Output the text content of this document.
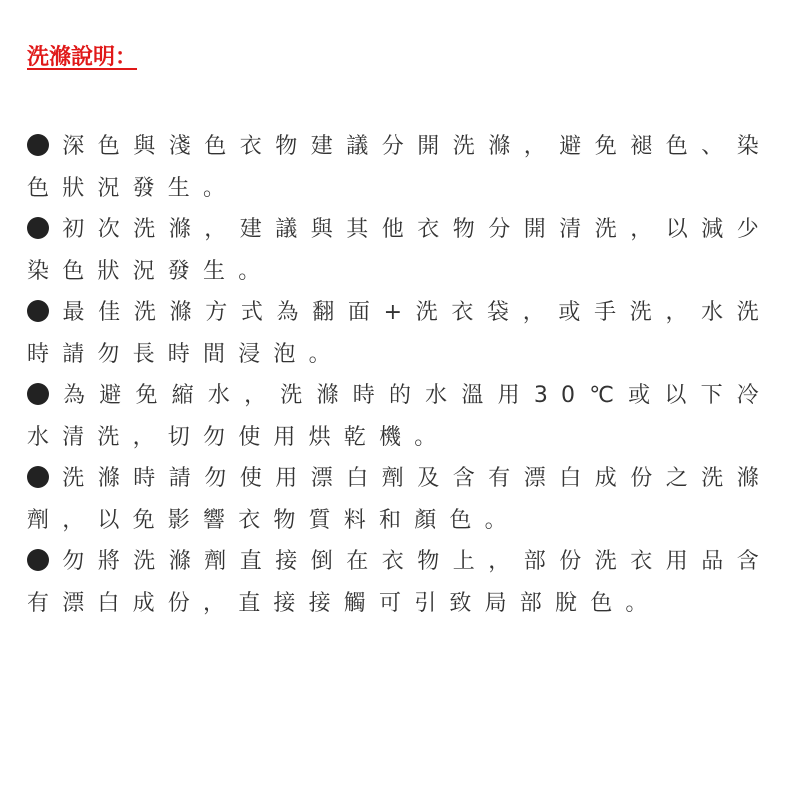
洗滌說明：
深色與淺色衣物建議分開洗滌，避免褪色、染色狀況發生。
初次洗滌，建議與其他衣物分開清洗，以減少染色狀況發生。
最佳洗滌方式為翻面+洗衣袋，或手洗，水洗時請勿長時間浸泡。
為避免縮水，洗滌時的水溫用30℃或以下冷水清洗，切勿使用烘乾機。
洗滌時請勿使用漂白劑及含有漂白成份之洗滌劑，以免影響衣物質料和顏色。
勿將洗滌劑直接倒在衣物上，部份洗衣用品含有漂白成份，直接接觸可引致局部脫色。
